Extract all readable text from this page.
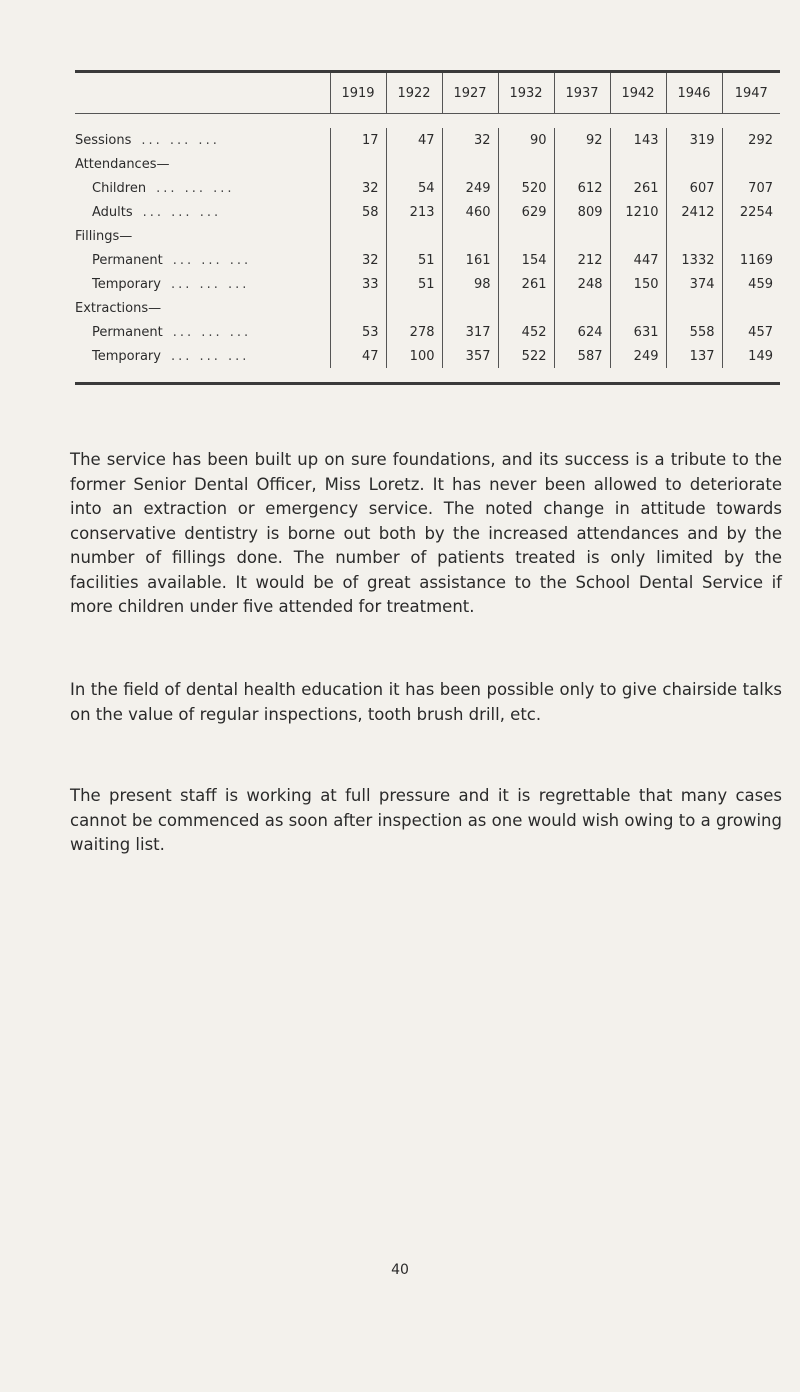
	1919	1922	1927	1932	1937	1942	1946	1947

Sessions ... ... ...	17	47	32	90	92	143	319	292
Attendances—								
Children ... ... ...	32	54	249	520	612	261	607	707
Adults ... ... ...	58	213	460	629	809	1210	2412	2254
Fillings—								
Permanent ... ... ...	32	51	161	154	212	447	1332	1169
Temporary ... ... ...	33	51	98	261	248	150	374	459
Extractions—								
Permanent ... ... ...	53	278	317	452	624	631	558	457
Temporary ... ... ...	47	100	357	522	587	249	137	149

The service has been built up on sure foundations, and its success is a tribute to the former Senior Dental Officer, Miss Loretz. It has never been allowed to deteriorate into an extraction or emergency service. The noted change in attitude towards conservative dentistry is borne out both by the increased attendances and by the number of fillings done. The number of patients treated is only limited by the facilities available. It would be of great assistance to the School Dental Service if more children under five attended for treatment.

In the field of dental health education it has been possible only to give chairside talks on the value of regular inspections, tooth brush drill, etc.

The present staff is working at full pressure and it is regrettable that many cases cannot be commenced as soon after inspection as one would wish owing to a growing waiting list.

40
